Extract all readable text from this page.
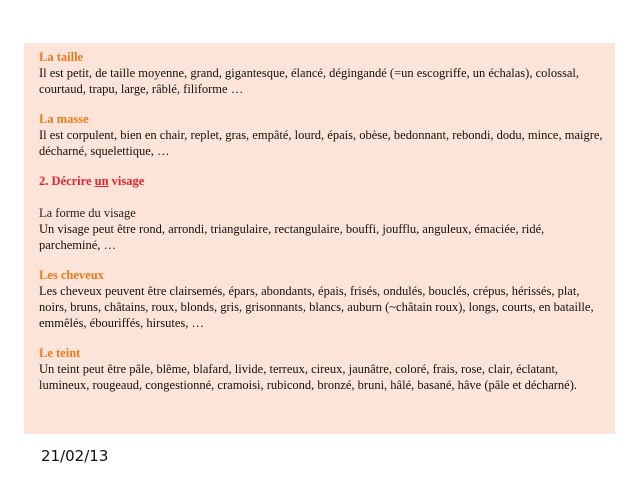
La taille

Il est petit, de taille moyenne, grand, gigantesque, élancé, dégingandé (=un escogriffe, un échalas), colossal, courtaud, trapu, large, râblé, filiforme …

La masse

Il est corpulent, bien en chair, replet, gras, empâté, lourd, épais, obèse, bedonnant, rebondi, dodu, mince, maigre, décharné, squelettique, …

2. Décrire un visage

La forme du visage

Un visage peut être rond, arrondi, triangulaire, rectangulaire, bouffi, joufflu, anguleux, émaciée, ridé, parcheminé, …

Les cheveux

Les cheveux peuvent être clairsemés, épars, abondants, épais, frisés, ondulés, bouclés, crépus, hérissés, plat, noirs, bruns, châtains, roux, blonds, gris, grisonnants, blancs, auburn (~châtain roux), longs, courts, en bataille, emmêlés, ébouriffés, hirsutes, …

Le teint

Un teint peut être pâle, blême, blafard, livide, terreux, cireux, jaunâtre, coloré, frais, rose, clair, éclatant, lumineux, rougeaud, congestionné, cramoisi, rubicond, bronzé, bruni, hâlé, basané, hâve (pâle et décharné).

21/02/13
